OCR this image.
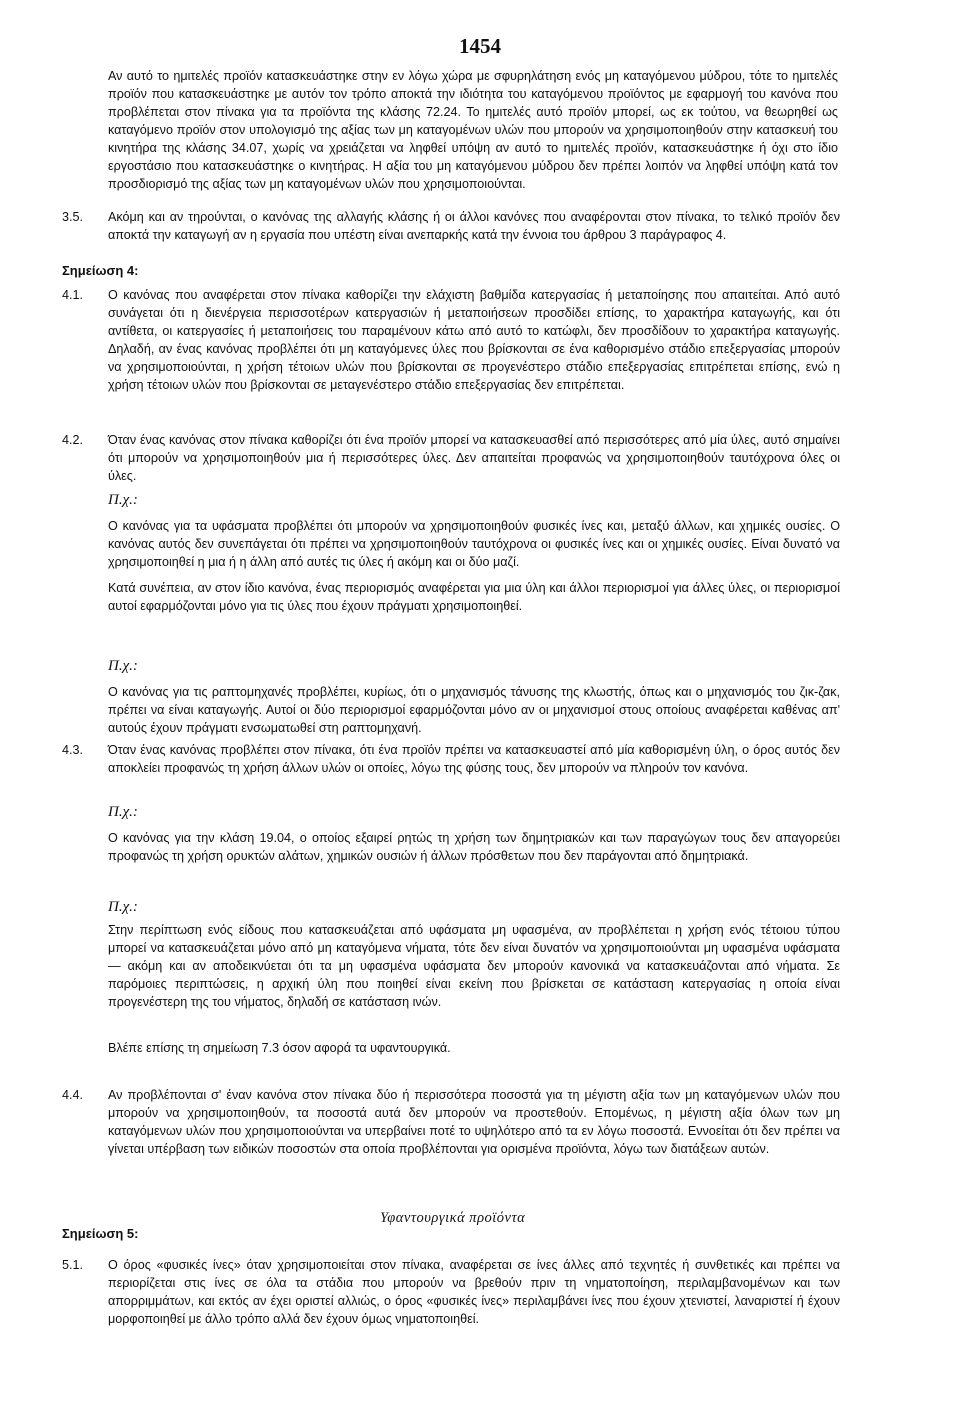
1454

Αν αυτό το ημιτελές προϊόν κατασκευάστηκε στην εν λόγω χώρα με σφυρηλάτηση ενός μη καταγόμενου μύδρου, τότε το ημιτελές προϊόν που κατασκευάστηκε με αυτόν τον τρόπο αποκτά την ιδιότητα του καταγόμενου προϊόντος με εφαρμογή του κανόνα που προβλέπεται στον πίνακα για τα προϊόντα της κλάσης 72.24. Το ημιτελές αυτό προϊόν μπορεί, ως εκ τούτου, να θεωρηθεί ως καταγόμενο προϊόν στον υπολογισμό της αξίας των μη καταγομένων υλών που μπορούν να χρησιμοποιηθούν στην κατασκευή του κινητήρα της κλάσης 34.07, χωρίς να χρειάζεται να ληφθεί υπόψη αν αυτό το ημιτελές προϊόν, κατασκευάστηκε ή όχι στο ίδιο εργοστάσιο που κατασκευάστηκε ο κινητήρας. Η αξία του μη καταγόμενου μύδρου δεν πρέπει λοιπόν να ληφθεί υπόψη κατά τον προσδιορισμό της αξίας των μη καταγομένων υλών που χρησιμοποιούνται.

3.5. Ακόμη και αν τηρούνται, ο κανόνας της αλλαγής κλάσης ή οι άλλοι κανόνες που αναφέρονται στον πίνακα, το τελικό προϊόν δεν αποκτά την καταγωγή αν η εργασία που υπέστη είναι ανεπαρκής κατά την έννοια του άρθρου 3 παράγραφος 4.

Σημείωση 4:
4.1. Ο κανόνας που αναφέρεται στον πίνακα καθορίζει την ελάχιστη βαθμίδα κατεργασίας ή μεταποίησης που απαιτείται. Από αυτό συνάγεται ότι η διενέργεια περισσοτέρων κατεργασιών ή μεταποιήσεων προσδίδει επίσης, το χαρακτήρα καταγωγής, και ότι αντίθετα, οι κατεργασίες ή μεταποιήσεις του παραμένουν κάτω από αυτό το κατώφλι, δεν προσδίδουν το χαρακτήρα καταγωγής. Δηλαδή, αν ένας κανόνας προβλέπει ότι μη καταγόμενες ύλες που βρίσκονται σε ένα καθορισμένο στάδιο επεξεργασίας μπορούν να χρησιμοποιούνται, η χρήση τέτοιων υλών που βρίσκονται σε προγενέστερο στάδιο επεξεργασίας επιτρέπεται επίσης, ενώ η χρήση τέτοιων υλών που βρίσκονται σε μεταγενέστερο στάδιο επεξεργασίας δεν επιτρέπεται.

4.2. Όταν ένας κανόνας στον πίνακα καθορίζει ότι ένα προϊόν μπορεί να κατασκευασθεί από περισσότερες από μία ύλες, αυτό σημαίνει ότι μπορούν να χρησιμοποιηθούν μια ή περισσότερες ύλες. Δεν απαιτείται προφανώς να χρησιμοποιηθούν ταυτόχρονα όλες οι ύλες.

Π.χ.:

Ο κανόνας για τα υφάσματα προβλέπει ότι μπορούν να χρησιμοποιηθούν φυσικές ίνες και, μεταξύ άλλων, και χημικές ουσίες. Ο κανόνας αυτός δεν συνεπάγεται ότι πρέπει να χρησιμοποιηθούν ταυτόχρονα οι φυσικές ίνες και οι χημικές ουσίες. Είναι δυνατό να χρησιμοποιηθεί η μια ή η άλλη από αυτές τις ύλες ή ακόμη και οι δύο μαζί.

Κατά συνέπεια, αν στον ίδιο κανόνα, ένας περιορισμός αναφέρεται για μια ύλη και άλλοι περιορισμοί για άλλες ύλες, οι περιορισμοί αυτοί εφαρμόζονται μόνο για τις ύλες που έχουν πράγματι χρησιμοποιηθεί.

Π.χ.:

Ο κανόνας για τις ραπτομηχανές προβλέπει, κυρίως, ότι ο μηχανισμός τάνυσης της κλωστής, όπως και ο μηχανισμός του ζικ-ζακ, πρέπει να είναι καταγωγής. Αυτοί οι δύο περιορισμοί εφαρμόζονται μόνο αν οι μηχανισμοί στους οποίους αναφέρεται καθένας απ' αυτούς έχουν πράγματι ενσωματωθεί στη ραπτομηχανή.

4.3. Όταν ένας κανόνας προβλέπει στον πίνακα, ότι ένα προϊόν πρέπει να κατασκευαστεί από μία καθορισμένη ύλη, ο όρος αυτός δεν αποκλείει προφανώς τη χρήση άλλων υλών οι οποίες, λόγω της φύσης τους, δεν μπορούν να πληρούν τον κανόνα.

Π.χ.:

Ο κανόνας για την κλάση 19.04, ο οποίος εξαιρεί ρητώς τη χρήση των δημητριακών και των παραγώγων τους δεν απαγορεύει προφανώς τη χρήση ορυκτών αλάτων, χημικών ουσιών ή άλλων πρόσθετων που δεν παράγονται από δημητριακά.

Π.χ.:

Στην περίπτωση ενός είδους που κατασκευάζεται από υφάσματα μη υφασμένα, αν προβλέπεται η χρήση ενός τέτοιου τύπου μπορεί να κατασκευάζεται μόνο από μη καταγόμενα νήματα, τότε δεν είναι δυνατόν να χρησιμοποιούνται μη υφασμένα υφάσματα — ακόμη και αν αποδεικνύεται ότι τα μη υφασμένα υφάσματα δεν μπορούν κανονικά να κατασκευάζονται από νήματα. Σε παρόμοιες περιπτώσεις, η αρχική ύλη που ποιηθεί είναι εκείνη που βρίσκεται σε κατάσταση κατεργασίας η οποία είναι προγενέστερη της του νήματος, δηλαδή σε κατάσταση ινών.

Βλέπε επίσης τη σημείωση 7.3 όσον αφορά τα υφαντουργικά.

4.4. Αν προβλέπονται σ' έναν κανόνα στον πίνακα δύο ή περισσότερα ποσοστά για τη μέγιστη αξία των μη καταγόμενων υλών που μπορούν να χρησιμοποιηθούν, τα ποσοστά αυτά δεν μπορούν να προστεθούν. Επομένως, η μέγιστη αξία όλων των μη καταγόμενων υλών που χρησιμοποιούνται να υπερβαίνει ποτέ το υψηλότερο από τα εν λόγω ποσοστά. Εννοείται ότι δεν πρέπει να γίνεται υπέρβαση των ειδικών ποσοστών στα οποία προβλέπονται για ορισμένα προϊόντα, λόγω των διατάξεων αυτών.

Υφαντουργικά προϊόντα
Σημείωση 5:
5.1. Ο όρος «φυσικές ίνες» όταν χρησιμοποιείται στον πίνακα, αναφέρεται σε ίνες άλλες από τεχνητές ή συνθετικές και πρέπει να περιορίζεται στις ίνες σε όλα τα στάδια που μπορούν να βρεθούν πριν τη νηματοποίηση, περιλαμβανομένων και των απορριμμάτων, και εκτός αν έχει οριστεί αλλιώς, ο όρος «φυσικές ίνες» περιλαμβάνει ίνες που έχουν χτενιστεί, λαναριστεί ή έχουν μορφοποιηθεί με άλλο τρόπο αλλά δεν έχουν όμως νηματοποιηθεί.
